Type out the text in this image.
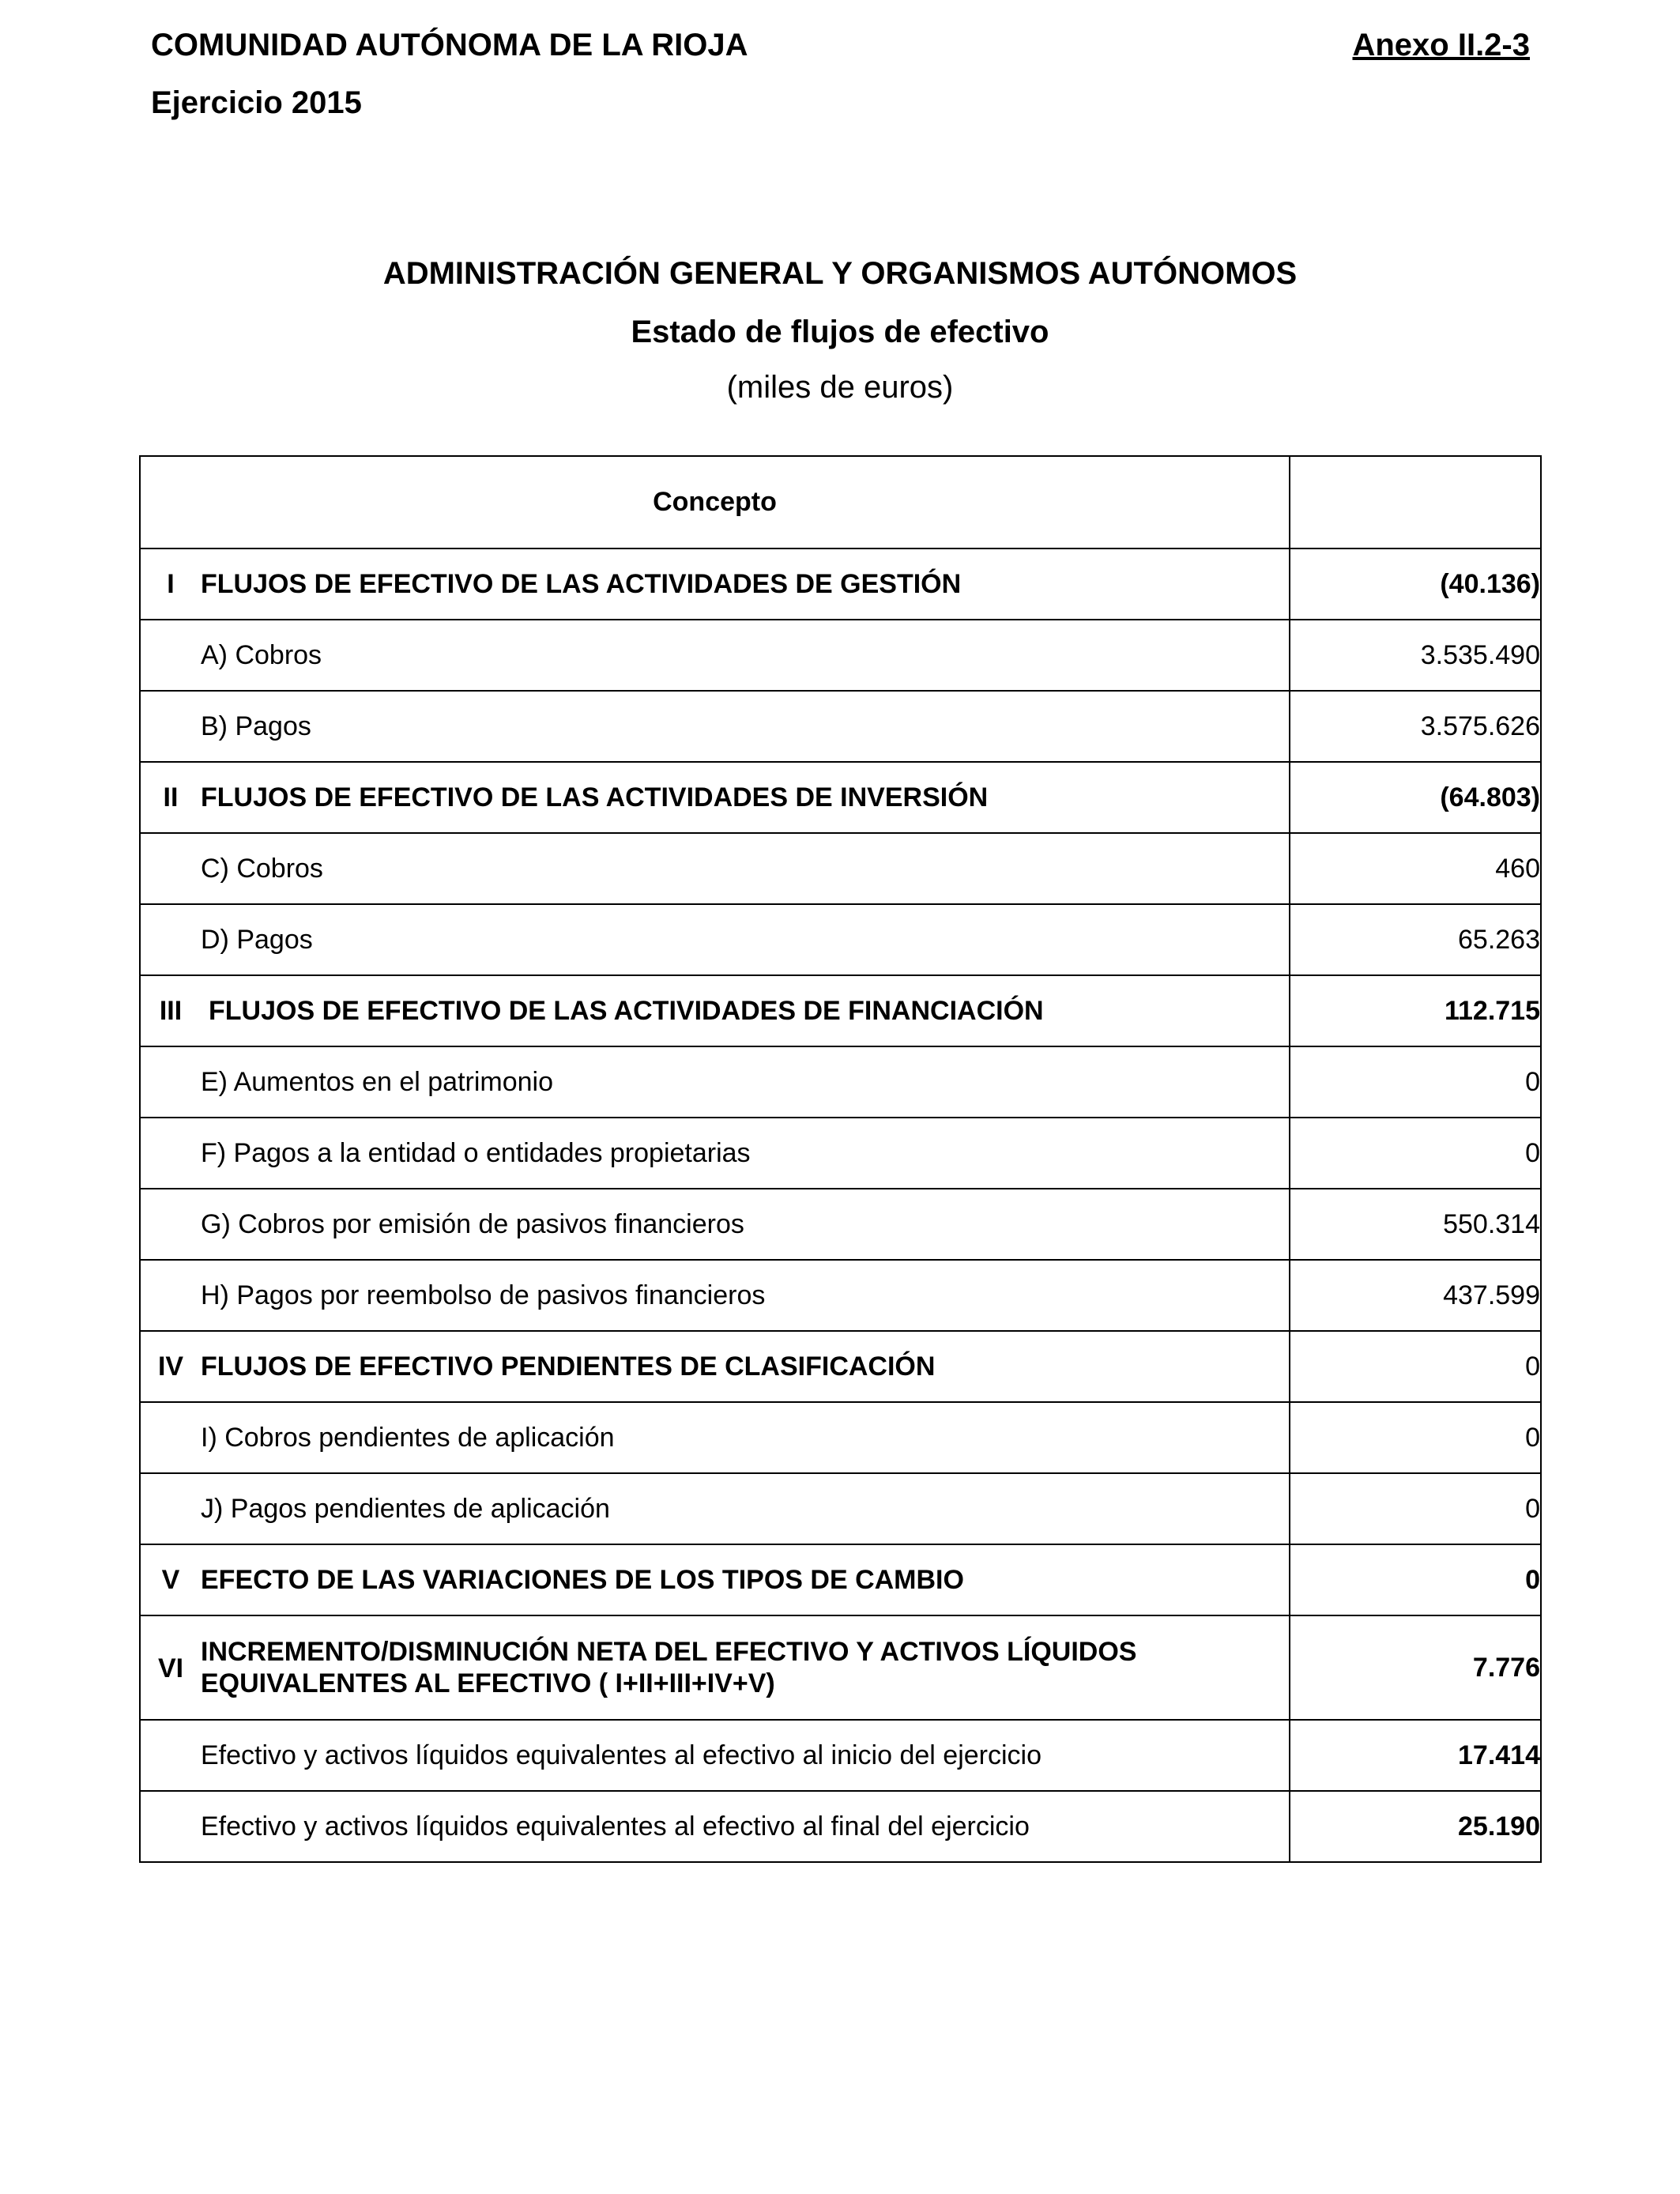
COMUNIDAD AUTÓNOMA DE LA RIOJA
Ejercicio 2015
Anexo II.2-3
ADMINISTRACIÓN GENERAL Y ORGANISMOS AUTÓNOMOS
Estado de flujos de efectivo
(miles de euros)
Concepto	

I FLUJOS DE EFECTIVO DE LAS ACTIVIDADES DE GESTIÓN	(40.136)

A) Cobros	3.535.490

B) Pagos	3.575.626

II FLUJOS DE EFECTIVO DE LAS ACTIVIDADES DE INVERSIÓN	(64.803)

C) Cobros	460

D) Pagos	65.263

III FLUJOS DE EFECTIVO DE LAS ACTIVIDADES DE FINANCIACIÓN	112.715

E) Aumentos en el patrimonio	0

F) Pagos a la entidad o entidades propietarias	0

G) Cobros por emisión de pasivos financieros	550.314

H) Pagos por reembolso de pasivos financieros	437.599

IV FLUJOS DE EFECTIVO PENDIENTES DE CLASIFICACIÓN	0

I) Cobros pendientes de aplicación	0

J) Pagos pendientes de aplicación	0

V EFECTO DE LAS VARIACIONES DE LOS TIPOS DE CAMBIO	0

VI
INCREMENTO/DISMINUCIÓN NETA DEL EFECTIVO Y ACTIVOS LÍQUIDOS
EQUIVALENTES AL EFECTIVO ( I+II+III+IV+V)	7.776

Efectivo y activos líquidos equivalentes al efectivo al inicio del ejercicio	17.414

Efectivo y activos líquidos equivalentes al efectivo al final del ejercicio	25.190
